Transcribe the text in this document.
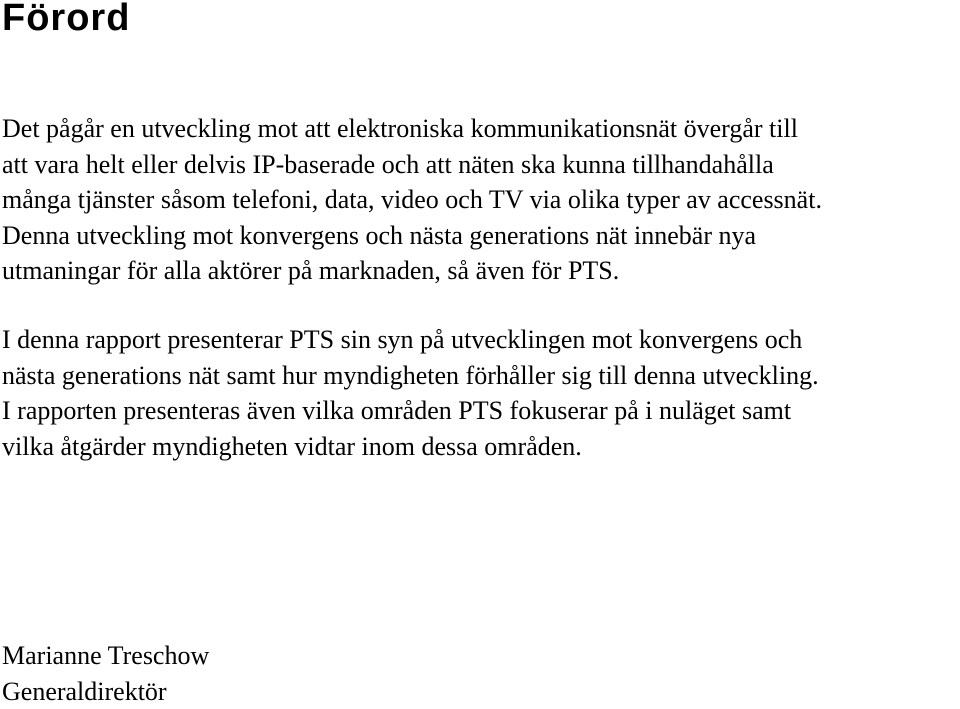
Förord

Det pågår en utveckling mot att elektroniska kommunikationsnät övergår till
att vara helt eller delvis IP-baserade och att näten ska kunna tillhandahålla
många tjänster såsom telefoni, data, video och TV via olika typer av accessnät.
Denna utveckling mot konvergens och nästa generations nät innebär nya
utmaningar för alla aktörer på marknaden, så även för PTS.

I denna rapport presenterar PTS sin syn på utvecklingen mot konvergens och
nästa generations nät samt hur myndigheten förhåller sig till denna utveckling.
I rapporten presenteras även vilka områden PTS fokuserar på i nuläget samt
vilka åtgärder myndigheten vidtar inom dessa områden.

Marianne Treschow
Generaldirektör
